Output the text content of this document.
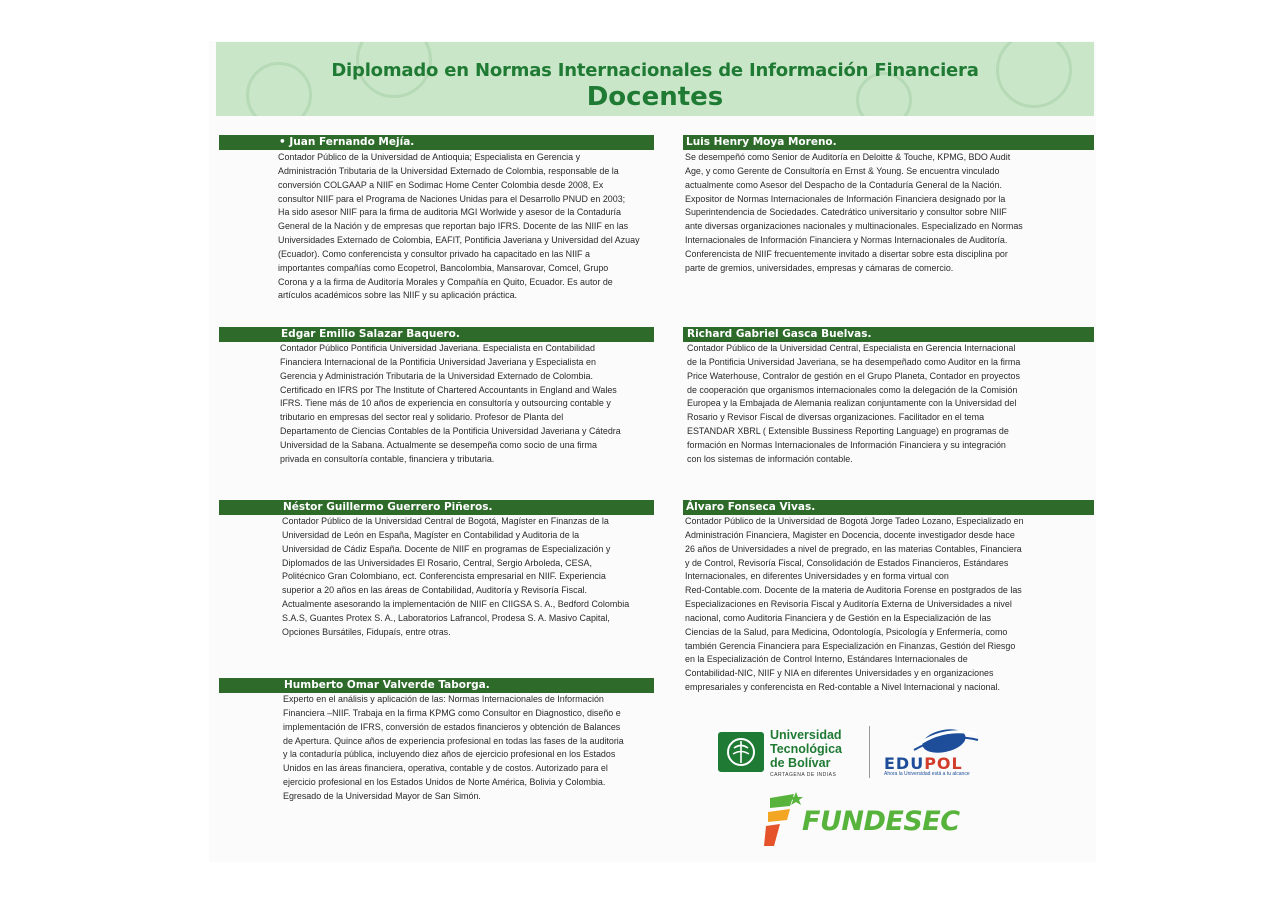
Diplomado en Normas Internacionales de Información Financiera
Docentes
• Juan Fernando Mejía.
Contador Público de la Universidad de Antioquia; Especialista en Gerencia y
Administración Tributaria de la Universidad Externado de Colombia, responsable de la
conversión COLGAAP a NIIF en Sodimac Home Center Colombia desde 2008, Ex
consultor NIIF para el Programa de Naciones Unidas para el Desarrollo PNUD en 2003;
Ha sido asesor NIIF para la firma de auditoria MGI Worlwide y asesor de la Contaduría
General de la Nación y de empresas que reportan bajo IFRS. Docente de las NIIF en las
Universidades Externado de Colombia, EAFIT, Pontificia Javeriana y Universidad del Azuay
(Ecuador). Como conferencista y consultor privado ha capacitado en las NIIF a
importantes compañías como Ecopetrol, Bancolombia, Mansarovar, Comcel, Grupo
Corona y a la firma de Auditoría Morales y Compañía en Quito, Ecuador. Es autor de
artículos académicos sobre las NIIF y su aplicación práctica.
Luis Henry Moya Moreno.
Se desempeñó como Senior de Auditoría en Deloitte & Touche, KPMG, BDO Audit
Age, y como Gerente de Consultoría en Ernst & Young. Se encuentra vinculado
actualmente como Asesor del Despacho de la Contaduría General de la Nación.
Expositor de Normas Internacionales de Información Financiera designado por la
Superintendencia de Sociedades. Catedrático universitario y consultor sobre NIIF
ante diversas organizaciones nacionales y multinacionales. Especializado en Normas
Internacionales de Información Financiera y Normas Internacionales de Auditoría.
Conferencista de NIIF frecuentemente invitado a disertar sobre esta disciplina por
parte de gremios, universidades, empresas y cámaras de comercio.
Edgar Emilio Salazar Baquero.
Contador Público Pontificia Universidad Javeriana. Especialista en Contabilidad
Financiera Internacional de la Pontificia Universidad Javeriana y Especialista en
Gerencia y Administración Tributaria de la Universidad Externado de Colombia.
Certificado en IFRS por The Institute of Chartered Accountants in England and Wales
IFRS. Tiene más de 10 años de experiencia en consultoría y outsourcing contable y
tributario en empresas del sector real y solidario. Profesor de Planta del
Departamento de Ciencias Contables de la Pontificia Universidad Javeriana y Cátedra
Universidad de la Sabana. Actualmente se desempeña como socio de una firma
privada en consultoría contable, financiera y tributaria.
Richard Gabriel Gasca Buelvas.
Contador Público de la Universidad Central, Especialista en Gerencia Internacional
de la Pontificia Universidad Javeriana, se ha desempeñado como Auditor en la firma
Price Waterhouse, Contralor de gestión en el Grupo Planeta, Contador en proyectos
de cooperación que organismos internacionales como la delegación de la Comisión
Europea y la Embajada de Alemania realizan conjuntamente con la Universidad del
Rosario y Revisor Fiscal de diversas organizaciones. Facilitador en el tema
ESTANDAR XBRL ( Extensible Bussiness Reporting Language) en programas de
formación en Normas Internacionales de Información Financiera y su integración
con los sistemas de información contable.
Néstor Guillermo Guerrero Piñeros.
Contador Público de la Universidad Central de Bogotá, Magíster en Finanzas de la
Universidad de León en España, Magíster en Contabilidad y Auditoria de la
Universidad de Cádiz España. Docente de NIIF en programas de Especialización y
Diplomados de las Universidades El Rosario, Central, Sergio Arboleda, CESA,
Politécnico Gran Colombiano, ect. Conferencista empresarial en NIIF. Experiencia
superior a 20 años en las áreas de Contabilidad, Auditoría y Revisoría Fiscal.
Actualmente asesorando la implementación de NIIF en CIIGSA S. A., Bedford Colombia
S.A.S, Guantes Protex S. A., Laboratorios Lafrancol, Prodesa S. A. Masivo Capital,
Opciones Bursátiles, Fidupaís, entre otras.
Álvaro Fonseca Vivas.
Contador Público de la Universidad de Bogotá Jorge Tadeo Lozano, Especializado en
Administración Financiera, Magister en Docencia, docente investigador desde hace
26 años de Universidades a nivel de pregrado, en las materias Contables, Financiera
y de Control, Revisoría Fiscal, Consolidación de Estados Financieros, Estándares
Internacionales, en diferentes Universidades y en forma virtual con
Red-Contable.com. Docente de la materia de Auditoria Forense en postgrados de las
Especializaciones en Revisoría Fiscal y Auditoría Externa de Universidades a nivel
nacional, como Auditoria Financiera y de Gestión en la Especialización de las
Ciencias de la Salud, para Medicina, Odontología, Psicología y Enfermería, como
también Gerencia Financiera para Especialización en Finanzas, Gestión del Riesgo
en la Especialización de Control Interno, Estándares Internacionales de
Contabilidad-NIC, NIIF y NIA en diferentes Universidades y en organizaciones
empresariales y conferencista en Red-contable a Nivel Internacional y nacional.
Humberto Omar Valverde Taborga.
Experto en el análisis y aplicación de las: Normas Internacionales de Información
Financiera –NIIF. Trabaja en la firma KPMG como Consultor en Diagnostico, diseño e
implementación de IFRS, conversión de estados financieros y obtención de Balances
de Apertura. Quince años de experiencia profesional en todas las fases de la auditoria
y la contaduría pública, incluyendo diez años de ejercicio profesional en los Estados
Unidos en las áreas financiera, operativa, contable y de costos. Autorizado para el
ejercicio profesional en los Estados Unidos de Norte América, Bolivia y Colombia.
Egresado de la Universidad Mayor de San Simón.
Universidad
Tecnológica
de Bolívar
CARTAGENA DE INDIAS
EDUPOL
Ahora la Universidad está a tu alcance
FUNDESEC
